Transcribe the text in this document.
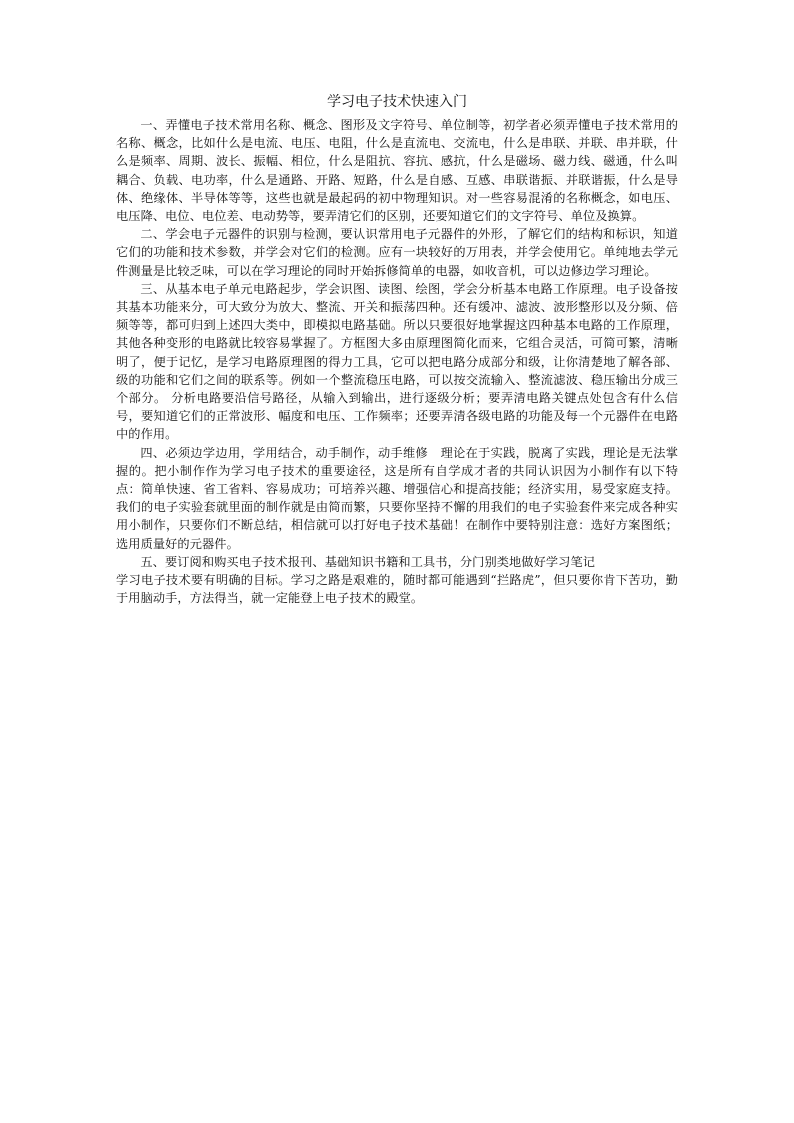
学习电子技术快速入门

一、弄懂电子技术常用名称、概念、图形及文字符号、单位制等，初学者必须弄懂电子技术常用的名称、概念，比如什么是电流、电压、电阻，什么是直流电、交流电，什么是串联、并联、串并联，什么是频率、周期、波长、振幅、相位，什么是阻抗、容抗、感抗，什么是磁场、磁力线、磁通，什么叫耦合、负载、电功率，什么是通路、开路、短路，什么是自感、互感、串联谐振、并联谐振，什么是导体、绝缘体、半导体等等，这些也就是最起码的初中物理知识。对一些容易混淆的名称概念，如电压、电压降、电位、电位差、电动势等，要弄清它们的区别，还要知道它们的文字符号、单位及换算。

二、学会电子元器件的识别与检测，要认识常用电子元器件的外形，了解它们的结构和标识，知道它们的功能和技术参数，并学会对它们的检测。应有一块较好的万用表，并学会使用它。单纯地去学元件测量是比较乏味，可以在学习理论的同时开始拆修简单的电器，如收音机，可以边修边学习理论。

三、从基本电子单元电路起步，学会识图、读图、绘图，学会分析基本电路工作原理。电子设备按其基本功能来分，可大致分为放大、整流、开关和振荡四种。还有缓冲、滤波、波形整形以及分频、倍频等等，都可归到上述四大类中，即模拟电路基础。所以只要很好地掌握这四种基本电路的工作原理，其他各种变形的电路就比较容易掌握了。方框图大多由原理图简化而来，它组合灵活，可简可繁，清晰明了，便于记忆，是学习电路原理图的得力工具，它可以把电路分成部分和级，让你清楚地了解各部、级的功能和它们之间的联系等。例如一个整流稳压电路，可以按交流输入、整流滤波、稳压输出分成三个部分。 分析电路要沿信号路径，从输入到输出，进行逐级分析；要弄清电路关键点处包含有什么信号，要知道它们的正常波形、幅度和电压、工作频率；还要弄清各级电路的功能及每一个元器件在电路中的作用。

四、必须边学边用，学用结合，动手制作，动手维修　理论在于实践，脱离了实践，理论是无法掌握的。把小制作作为学习电子技术的重要途径，这是所有自学成才者的共同认识因为小制作有以下特点：简单快速、省工省料、容易成功；可培养兴趣、增强信心和提高技能；经济实用，易受家庭支持。我们的电子实验套就里面的制作就是由简而繁，只要你坚持不懈的用我们的电子实验套件来完成各种实用小制作，只要你们不断总结，相信就可以打好电子技术基础！在制作中要特别注意：选好方案图纸；选用质量好的元器件。

五、要订阅和购买电子技术报刊、基础知识书籍和工具书，分门别类地做好学习笔记

学习电子技术要有明确的目标。学习之路是艰难的，随时都可能遇到“拦路虎”，但只要你肯下苦功，勤于用脑动手，方法得当，就一定能登上电子技术的殿堂。
